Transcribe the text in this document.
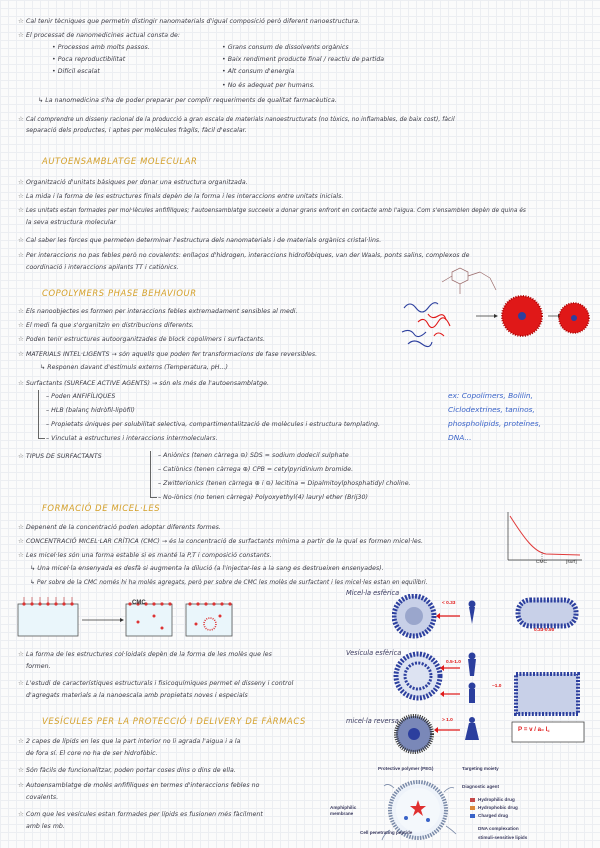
☆ Cal tenir tècniques que permetin distingir nanomaterials d'igual composició però diferent nanoestructura.
☆ El processat de nanomedicines actual consta de:
• Processos amb molts passos.
• Poca reproductibilitat
• Difícil escalat
• Grans consum de dissolvents orgànics
• Baix rendiment producte final / reactiu de partida
• Alt consum d'energia
• No és adequat per humans.
↳ La nanomedicina s'ha de poder preparar per complir requeriments de qualitat farmacèutica.
☆ Cal comprendre un disseny racional de la producció a gran escala de materials nanoestructurats (no tòxics, no inflamables, de baix cost), fàcil
separació dels productes, i aptes per molècules fràgils, fàcil d'escalar.
AUTOENSAMBLATGE MOLECULAR
☆ Organització d'unitats bàsiques per donar una estructura organitzada.
☆ La mida i la forma de les estructures finals depèn de la forma i les interaccions entre unitats inicials.
☆ Les unitats estan formades per mol·lècules anfifíliques; l'autoensamblatge succeeix a donar grans enfront en contacte amb l'aigua. Com s'ensamblen depèn de quina és
la seva estructura molecular
☆ Cal saber les forces que permeten determinar l'estructura dels nanomaterials i de materials orgànics cristal·lins.
☆ Per interaccions no pas febles però no covalents: enllaços d'hidrogen, interaccions hidrofòbiques, van der Waals, ponts salins, complexos de
coordinació i interaccions apilants TT i catiònics.
COPOLYMERS PHASE BEHAVIOUR
☆ Els nanoobjectes es formen per interaccions febles extremadament sensibles al medi.
☆ El medi fa que s'organitzin en distribucions diferents.
☆ Poden tenir estructures autoorganitzades de block copolímers i surfactants.
☆ MATERIALS INTEL·LIGENTS → són aquells que poden fer transformacions de fase reversibles.
↳ Responen davant d'estímuls externs (Temperatura, pH...)
☆ Surfactants (SURFACE ACTIVE AGENTS) → són els més de l'autoensamblatge.
– Poden ANFIFÍLIQUES
– HLB (balanç hidròfil-lipòfil)
– Propietats úniques per solubilitat selectiva, compartimentalització de molècules i estructura templating.
– Vinculat a estructures i interaccions intermoleculars.
ex: Copolímers, Bolilin,
Ciclodextrines, taninos,
phospholipids, proteïnes,
DNA...
☆ TIPUS DE SURFACTANTS	– Aniònics (tenen càrrega ⊖) SDS = sodium dodecil sulphate
– Catiònics (tenen càrrega ⊕) CPB = cetylpyridinium bromide.
– Zwitterionics (tenen càrrega ⊕ i ⊖) lecitina = Dipalmitoylphosphatidyl choline.
– No-iònics (no tenen càrrega) Polyoxyethyl(4) lauryl ether (Brij30)
FORMACIÓ DE MICEL·LES
CMC	[surf]
☆ Depenent de la concentració poden adoptar diferents formes.
☆ CONCENTRACIÓ MICEL·LAR CRÍTICA (CMC) → és la concentració de surfactants mínima a partir de la qual es formen micel·les.
☆ Les micel·les són una forma estable si es manté la P,T i composició constants.
↳ Una micel·la ensenyada es desfà si augmenta la dilució (a l'injectar-les a la sang es destrueixen ensenyades).
↳ Per sobre de la CMC només hi ha molès agregats, però per sobre de CMC les molès de surfactant i les micel·les estan en equilibri.
CMC
☆ La forma de les estructures col·loidals depèn de la forma de les molès que les
formen.
☆ L'estudi de característiques estructurals i fisicoquímiques permet el disseny i control
d'agregats materials a la nanoescala amb propietats noves i especials
Micel·la esfèrica
Vesícula esfèrica
micel·la reversa
< 0.33
0.33-0.50
0.5-1.0
~1.0
> 1.0
P = v / a₀ l꜀
VESÍCULES PER LA PROTECCIÓ I DELIVERY DE FÀRMACS
☆ 2 capes de lípids en les que la part interior no li agrada l'aigua i a la
de fora sí. El core no ha de ser hidrofòbic.
☆ Són fàcils de funcionalitzar, poden portar coses dins o dins de ella.
☆ Autoensamblatge de molès anfifíliques en termes d'interaccions febles no
covalents.
☆ Com que les vesícules estan formades per lípids es fusionen més fàcilment
amb les mb.
Protective polymer (PEG)	Targeting moiety
Diagnostic agent
Hydrophilic drug
Hydrophobic drug
Charged drug
Amphiphilic membrane
Cell penetrating peptide
DNA complexation
stimuli-sensitive lipids
